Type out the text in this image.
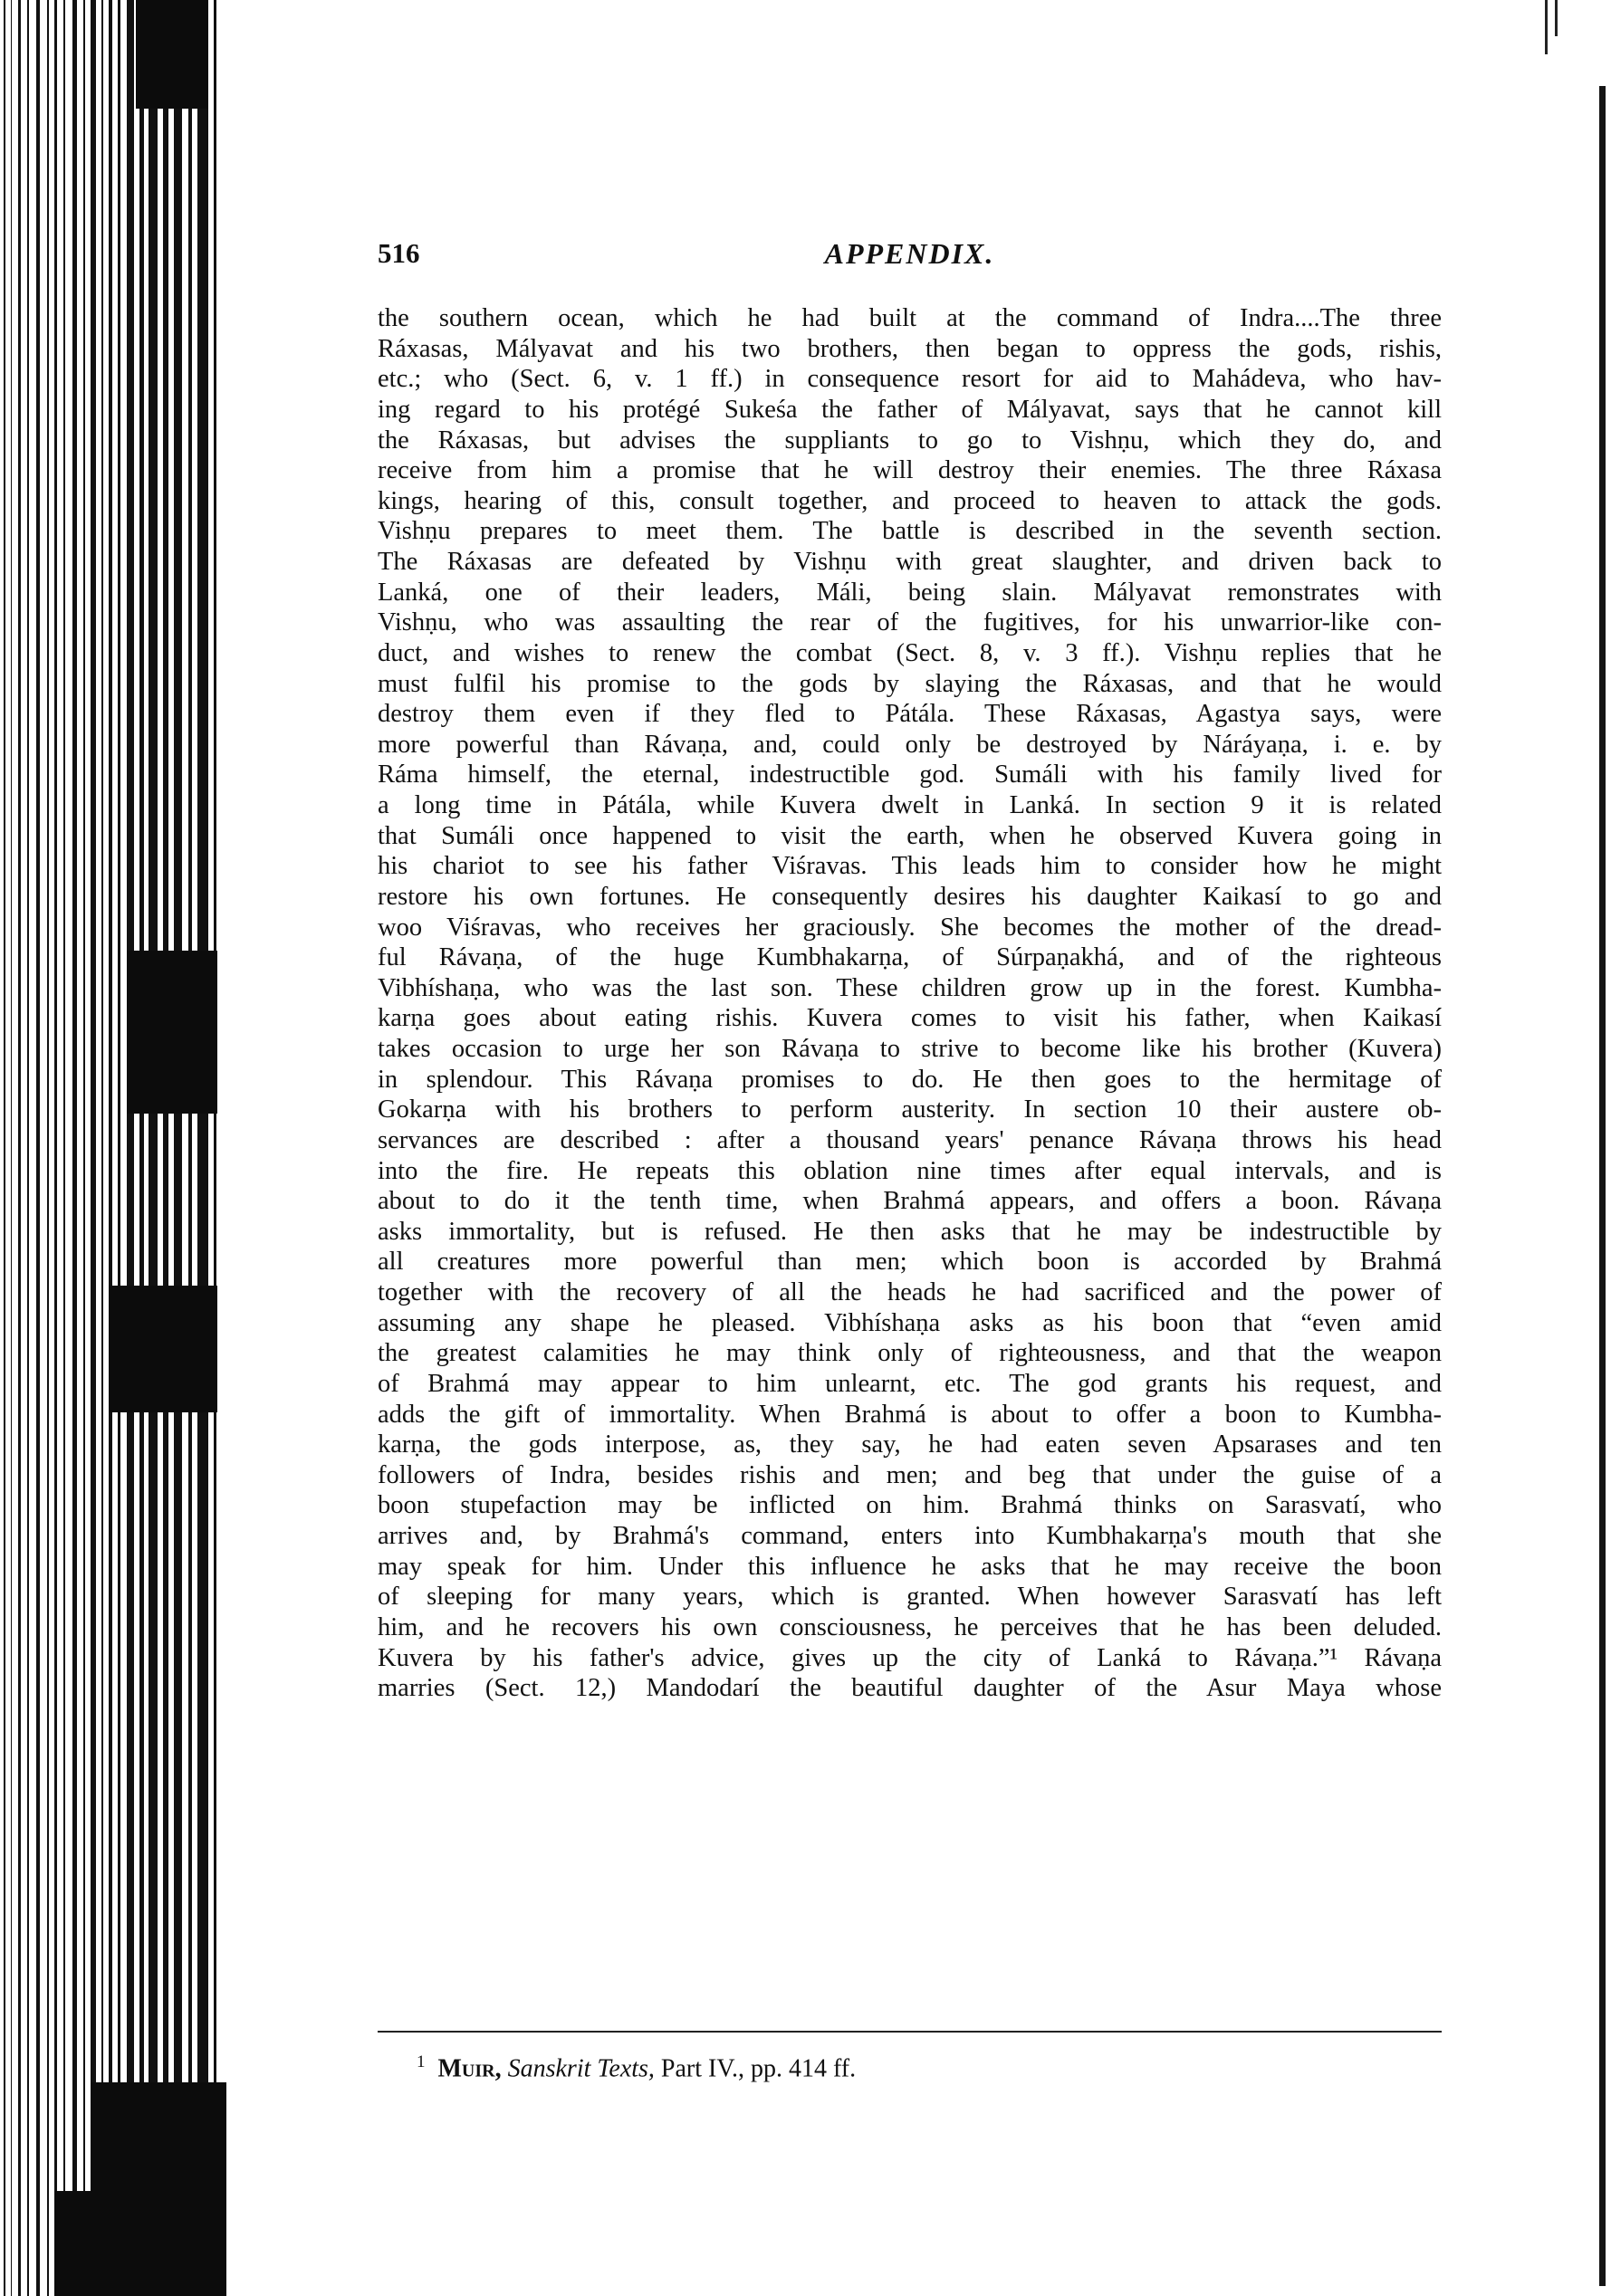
516	APPENDIX.
the southern ocean, which he had built at the command of Indra....The three
Ráxasas, Mályavat and his two brothers, then began to oppress the gods, rishis,
etc.; who (Sect. 6, v. 1 ff.) in consequence resort for aid to Mahádeva, who hav-
ing regard to his protégé Sukeśa the father of Mályavat, says that he cannot kill
the Ráxasas, but advises the suppliants to go to Vishṇu, which they do, and
receive from him a promise that he will destroy their enemies. The three Ráxasa
kings, hearing of this, consult together, and proceed to heaven to attack the gods.
Vishṇu prepares to meet them. The battle is described in the seventh section.
The Ráxasas are defeated by Vishṇu with great slaughter, and driven back to
Lanká, one of their leaders, Máli, being slain. Mályavat remonstrates with
Vishṇu, who was assaulting the rear of the fugitives, for his unwarrior-like con-
duct, and wishes to renew the combat (Sect. 8, v. 3 ff.). Vishṇu replies that he
must fulfil his promise to the gods by slaying the Ráxasas, and that he would
destroy them even if they fled to Pátála. These Ráxasas, Agastya says, were
more powerful than Rávaṇa, and, could only be destroyed by Náráyaṇa, i. e. by
Ráma himself, the eternal, indestructible god. Sumáli with his family lived for
a long time in Pátála, while Kuvera dwelt in Lanká. In section 9 it is related
that Sumáli once happened to visit the earth, when he observed Kuvera going in
his chariot to see his father Viśravas. This leads him to consider how he might
restore his own fortunes. He consequently desires his daughter Kaikasí to go and
woo Viśravas, who receives her graciously. She becomes the mother of the dread-
ful Rávaṇa, of the huge Kumbhakarṇa, of Súrpaṇakhá, and of the righteous
Vibhíshaṇa, who was the last son. These children grow up in the forest. Kumbha-
karṇa goes about eating rishis. Kuvera comes to visit his father, when Kaikasí
takes occasion to urge her son Rávaṇa to strive to become like his brother (Kuvera)
in splendour. This Rávaṇa promises to do. He then goes to the hermitage of
Gokarṇa with his brothers to perform austerity. In section 10 their austere ob-
servances are described : after a thousand years' penance Rávaṇa throws his head
into the fire. He repeats this oblation nine times after equal intervals, and is
about to do it the tenth time, when Brahmá appears, and offers a boon. Rávaṇa
asks immortality, but is refused. He then asks that he may be indestructible by
all creatures more powerful than men; which boon is accorded by Brahmá
together with the recovery of all the heads he had sacrificed and the power of
assuming any shape he pleased. Vibhíshaṇa asks as his boon that “even amid
the greatest calamities he may think only of righteousness, and that the weapon
of Brahmá may appear to him unlearnt, etc. The god grants his request, and
adds the gift of immortality. When Brahmá is about to offer a boon to Kumbha-
karṇa, the gods interpose, as, they say, he had eaten seven Apsarases and ten
followers of Indra, besides rishis and men; and beg that under the guise of a
boon stupefaction may be inflicted on him. Brahmá thinks on Sarasvatí, who
arrives and, by Brahmá's command, enters into Kumbhakarṇa's mouth that she
may speak for him. Under this influence he asks that he may receive the boon
of sleeping for many years, which is granted. When however Sarasvatí has left
him, and he recovers his own consciousness, he perceives that he has been deluded.
Kuvera by his father's advice, gives up the city of Lanká to Rávaṇa.”¹ Rávaṇa
marries (Sect. 12,) Mandodarí the beautiful daughter of the Asur Maya whose
$^1$ Muir, Sanskrit Texts, Part IV., pp. 414 ff.
